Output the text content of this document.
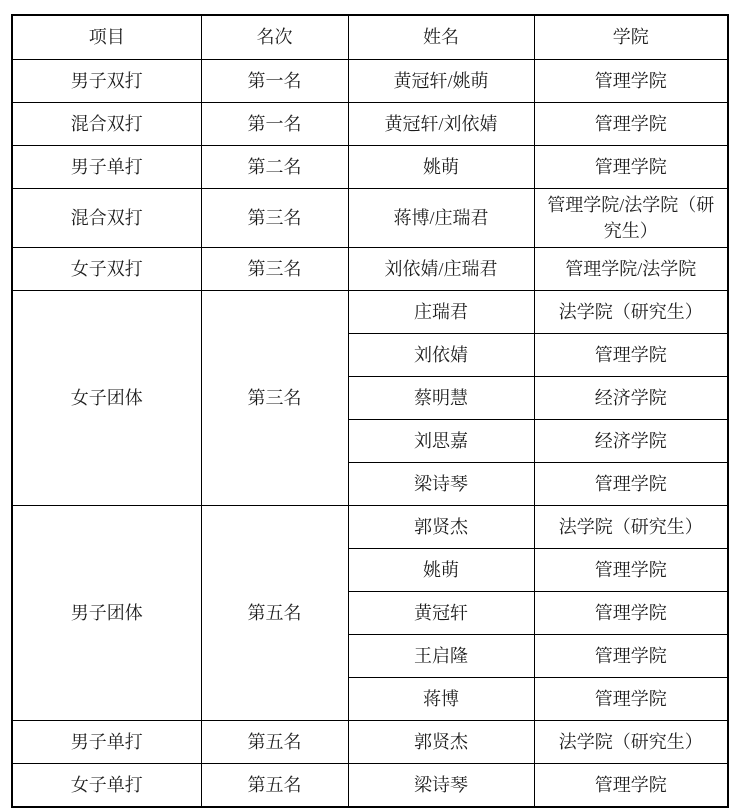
项目	名次	姓名	学院
男子双打	第一名	黄冠轩/姚萌	管理学院
混合双打	第一名	黄冠轩/刘依婧	管理学院
男子单打	第二名	姚萌	管理学院
混合双打	第三名	蒋博/庄瑞君	管理学院/法学院（研究生）
女子双打	第三名	刘依婧/庄瑞君	管理学院/法学院
女子团体	第三名	庄瑞君	法学院（研究生）
		刘依婧	管理学院
		蔡明慧	经济学院
		刘思嘉	经济学院
		梁诗琴	管理学院
男子团体	第五名	郭贤杰	法学院（研究生）
		姚萌	管理学院
		黄冠轩	管理学院
		王启隆	管理学院
		蒋博	管理学院
男子单打	第五名	郭贤杰	法学院（研究生）
女子单打	第五名	梁诗琴	管理学院
